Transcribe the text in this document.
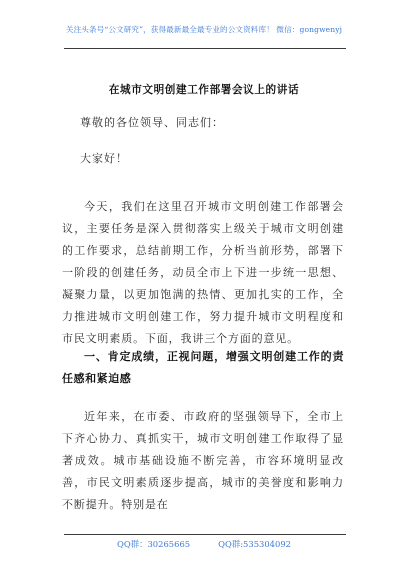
关注头条号“公文研究”，获得最新最全最专业的公文资料库！ 微信：gongwenyj
在城市文明创建工作部署会议上的讲话
尊敬的各位领导、同志们：
大家好！
今天，我们在这里召开城市文明创建工作部署会议，主要任务是深入贯彻落实上级关于城市文明创建的工作要求，总结前期工作，分析当前形势，部署下一阶段的创建任务，动员全市上下进一步统一思想、凝聚力量，以更加饱满的热情、更加扎实的工作，全力推进城市文明创建工作，努力提升城市文明程度和市民文明素质。下面，我讲三个方面的意见。
一、肯定成绩，正视问题，增强文明创建工作的责任感和紧迫感
近年来，在市委、市政府的坚强领导下，全市上下齐心协力、真抓实干，城市文明创建工作取得了显著成效。城市基础设施不断完善，市容环境明显改善，市民文明素质逐步提高，城市的美誉度和影响力不断提升。特别是在
QQ群：30265665	QQ群:535304092
